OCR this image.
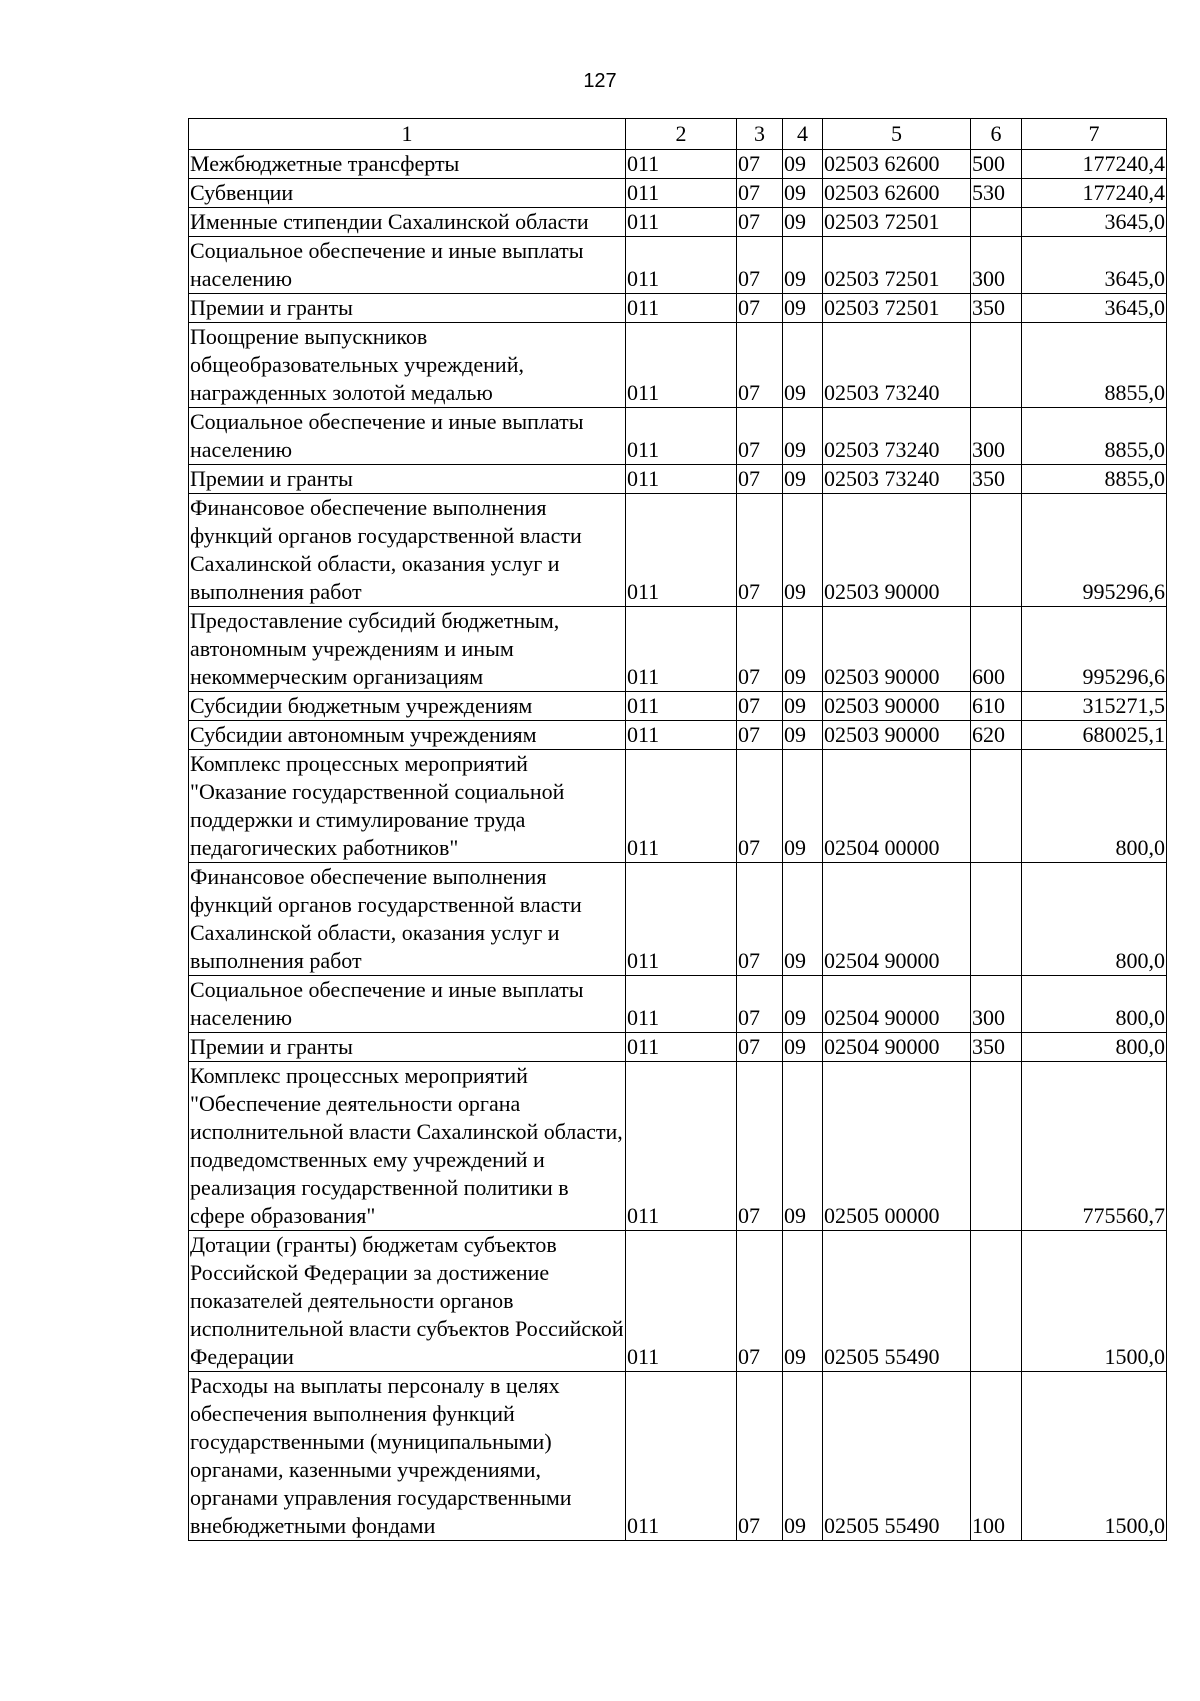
127
1	2	3	4	5	6	7
Межбюджетные трансферты	011	07	09	02503 62600	500	177240,4
Субвенции	011	07	09	02503 62600	530	177240,4
Именные стипендии Сахалинской области	011	07	09	02503 72501		3645,0
Социальное обеспечение и иные выплаты населению	011	07	09	02503 72501	300	3645,0
Премии и гранты	011	07	09	02503 72501	350	3645,0
Поощрение выпускников общеобразовательных учреждений, награжденных золотой медалью	011	07	09	02503 73240		8855,0
Социальное обеспечение и иные выплаты населению	011	07	09	02503 73240	300	8855,0
Премии и гранты	011	07	09	02503 73240	350	8855,0
Финансовое обеспечение выполнения функций органов государственной власти Сахалинской области, оказания услуг и выполнения работ	011	07	09	02503 90000		995296,6
Предоставление субсидий бюджетным, автономным учреждениям и иным некоммерческим организациям	011	07	09	02503 90000	600	995296,6
Субсидии бюджетным учреждениям	011	07	09	02503 90000	610	315271,5
Субсидии автономным учреждениям	011	07	09	02503 90000	620	680025,1
Комплекс процессных мероприятий "Оказание государственной социальной поддержки и стимулирование труда педагогических работников"	011	07	09	02504 00000		800,0
Финансовое обеспечение выполнения функций органов государственной власти Сахалинской области, оказания услуг и выполнения работ	011	07	09	02504 90000		800,0
Социальное обеспечение и иные выплаты населению	011	07	09	02504 90000	300	800,0
Премии и гранты	011	07	09	02504 90000	350	800,0
Комплекс процессных мероприятий "Обеспечение деятельности органа исполнительной власти Сахалинской области, подведомственных ему учреждений и реализация государственной политики в сфере образования"	011	07	09	02505 00000		775560,7
Дотации (гранты) бюджетам субъектов Российской Федерации за достижение показателей деятельности органов исполнительной власти субъектов Российской Федерации	011	07	09	02505 55490		1500,0
Расходы на выплаты персоналу в целях обеспечения выполнения функций государственными (муниципальными) органами, казенными учреждениями, органами управления государственными внебюджетными фондами	011	07	09	02505 55490	100	1500,0
